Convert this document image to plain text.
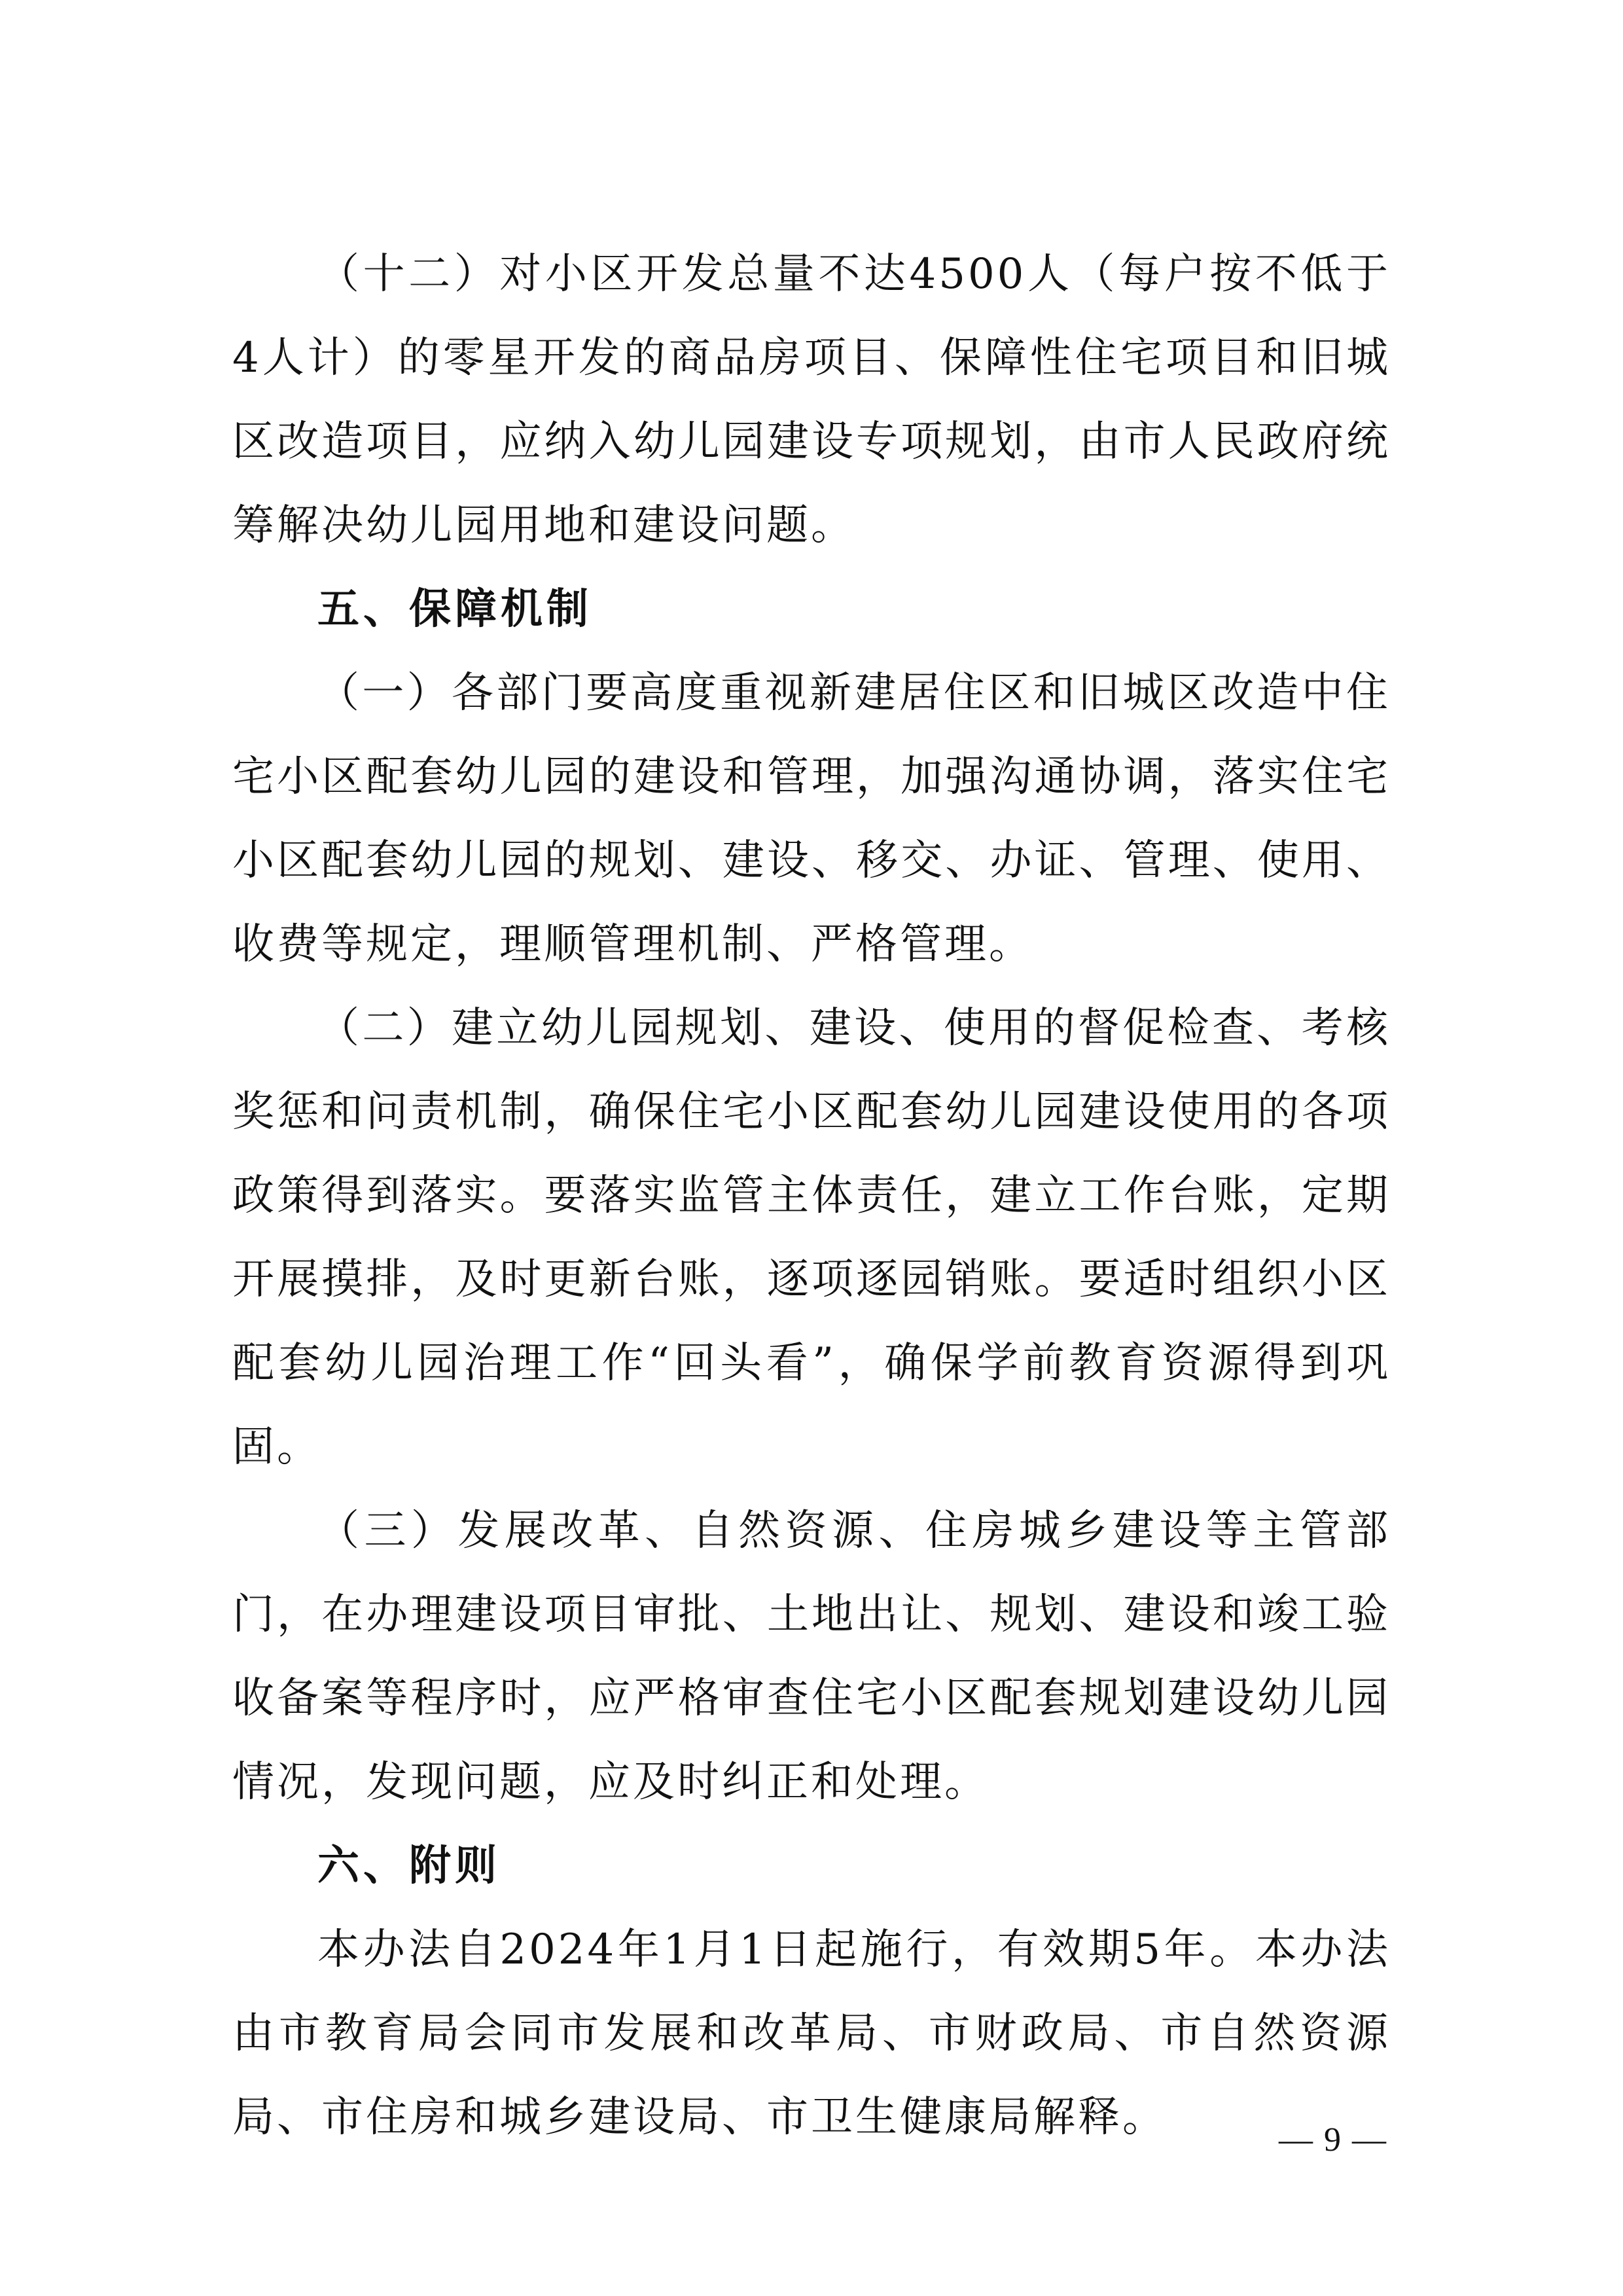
（十二）对小区开发总量不达4500人（每户按不低于4人计）的零星开发的商品房项目、保障性住宅项目和旧城区改造项目，应纳入幼儿园建设专项规划，由市人民政府统筹解决幼儿园用地和建设问题。

五、保障机制

（一）各部门要高度重视新建居住区和旧城区改造中住宅小区配套幼儿园的建设和管理，加强沟通协调，落实住宅小区配套幼儿园的规划、建设、移交、办证、管理、使用、收费等规定，理顺管理机制、严格管理。

（二）建立幼儿园规划、建设、使用的督促检查、考核奖惩和问责机制，确保住宅小区配套幼儿园建设使用的各项政策得到落实。要落实监管主体责任，建立工作台账，定期开展摸排，及时更新台账，逐项逐园销账。要适时组织小区配套幼儿园治理工作“回头看”，确保学前教育资源得到巩固。

（三）发展改革、自然资源、住房城乡建设等主管部门，在办理建设项目审批、土地出让、规划、建设和竣工验收备案等程序时，应严格审查住宅小区配套规划建设幼儿园情况，发现问题，应及时纠正和处理。

六、附则

本办法自2024年1月1日起施行，有效期5年。本办法由市教育局会同市发展和改革局、市财政局、市自然资源局、市住房和城乡建设局、市卫生健康局解释。	— 9 —
